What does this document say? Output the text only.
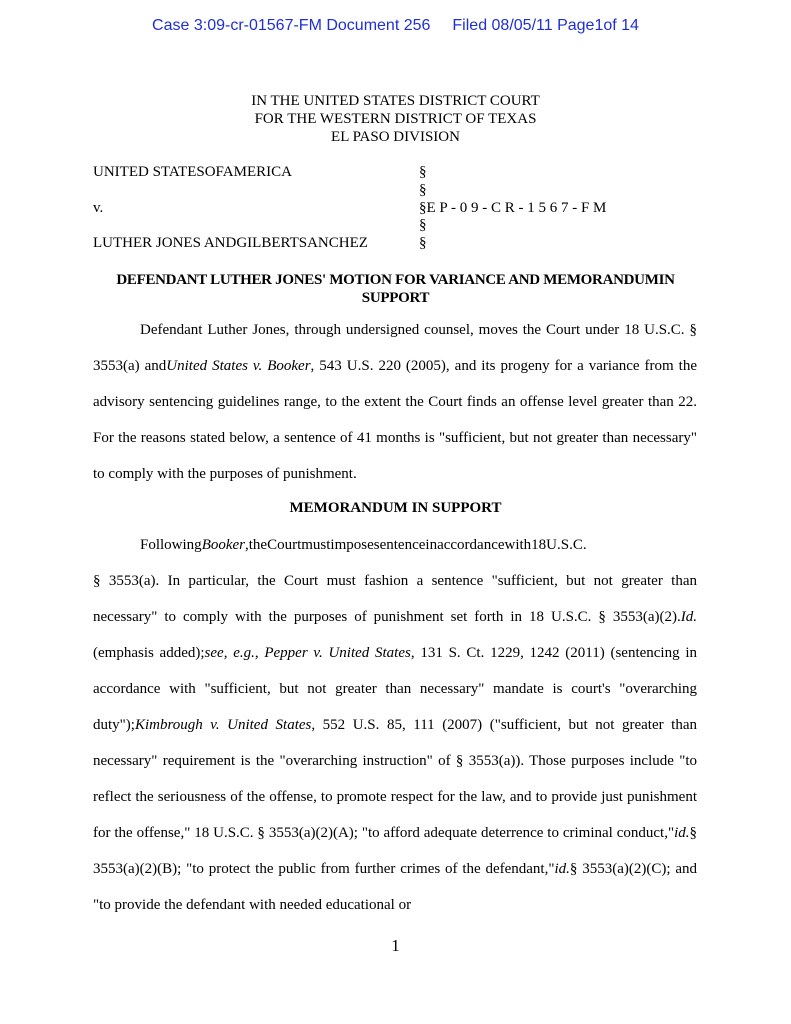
Case 3:09-cr-01567-FM Document 256 Filed 08/05/11 Page1of 14
IN THE UNITED STATES DISTRICT COURT
FOR THE WESTERN DISTRICT OF TEXAS
EL PASO DIVISION
UNITED STATESOFAMERICA	§
§
v.	§E P - 0 9 - C R - 1 5 6 7 - F M
§
LUTHER JONES ANDGILBERTSANCHEZ	§
DEFENDANT LUTHER JONES' MOTION FOR VARIANCE AND MEMORANDUMIN
SUPPORT

Defendant Luther Jones, through undersigned counsel, moves the Court under 18 U.S.C. § 3553(a) andUnited States v. Booker, 543 U.S. 220 (2005), and its progeny for a variance from the advisory sentencing guidelines range, to the extent the Court finds an offense level greater than 22. For the reasons stated below, a sentence of 41 months is "sufficient, but not greater than necessary" to comply with the purposes of punishment.

MEMORANDUM IN SUPPORT

FollowingBooker,theCourtmustimposesentenceinaccordancewith18U.S.C.

§ 3553(a). In particular, the Court must fashion a sentence "sufficient, but not greater than necessary" to comply with the purposes of punishment set forth in 18 U.S.C. § 3553(a)(2).Id. (emphasis added);see, e.g., Pepper v. United States, 131 S. Ct. 1229, 1242 (2011) (sentencing in accordance with "sufficient, but not greater than necessary" mandate is court's "overarching duty");Kimbrough v. United States, 552 U.S. 85, 111 (2007) ("sufficient, but not greater than necessary" requirement is the "overarching instruction" of § 3553(a)). Those purposes include "to reflect the seriousness of the offense, to promote respect for the law, and to provide just punishment for the offense," 18 U.S.C. § 3553(a)(2)(A); "to afford adequate deterrence to criminal conduct,"id.§ 3553(a)(2)(B); "to protect the public from further crimes of the defendant,"id.§ 3553(a)(2)(C); and "to provide the defendant with needed educational or

1
